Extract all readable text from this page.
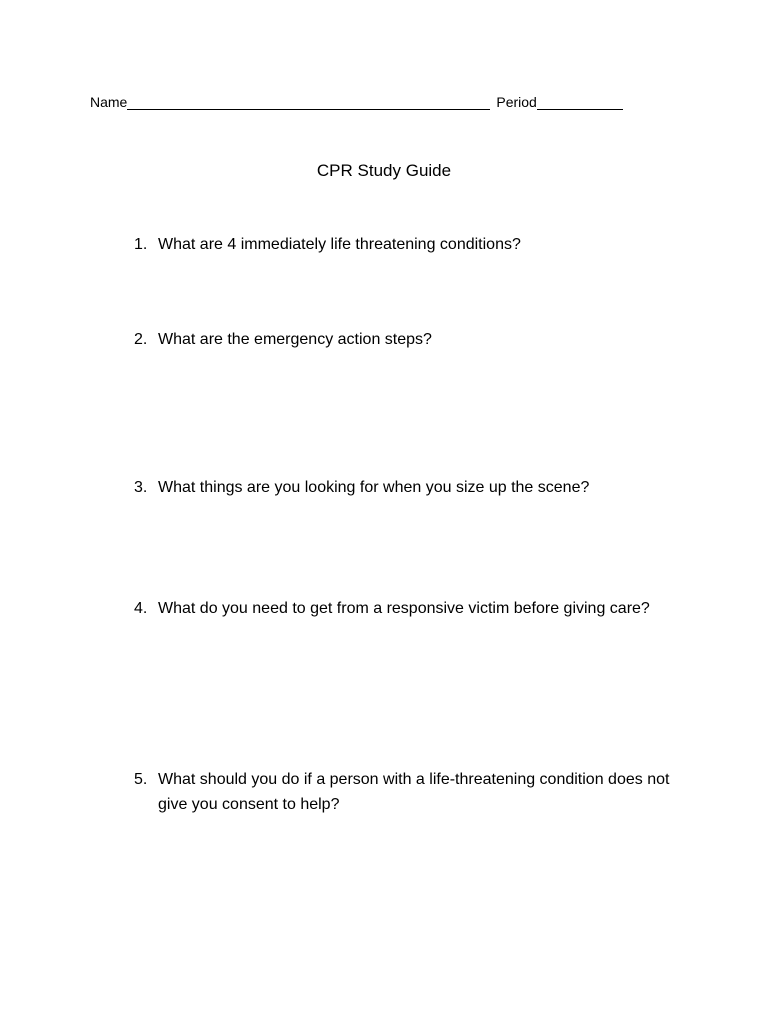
Name	Period
CPR Study Guide
1. What are 4 immediately life threatening conditions?
2. What are the emergency action steps?
3. What things are you looking for when you size up the scene?
4. What do you need to get from a responsive victim before giving care?
5. What should you do if a person with a life-threatening condition does not give you consent to help?
